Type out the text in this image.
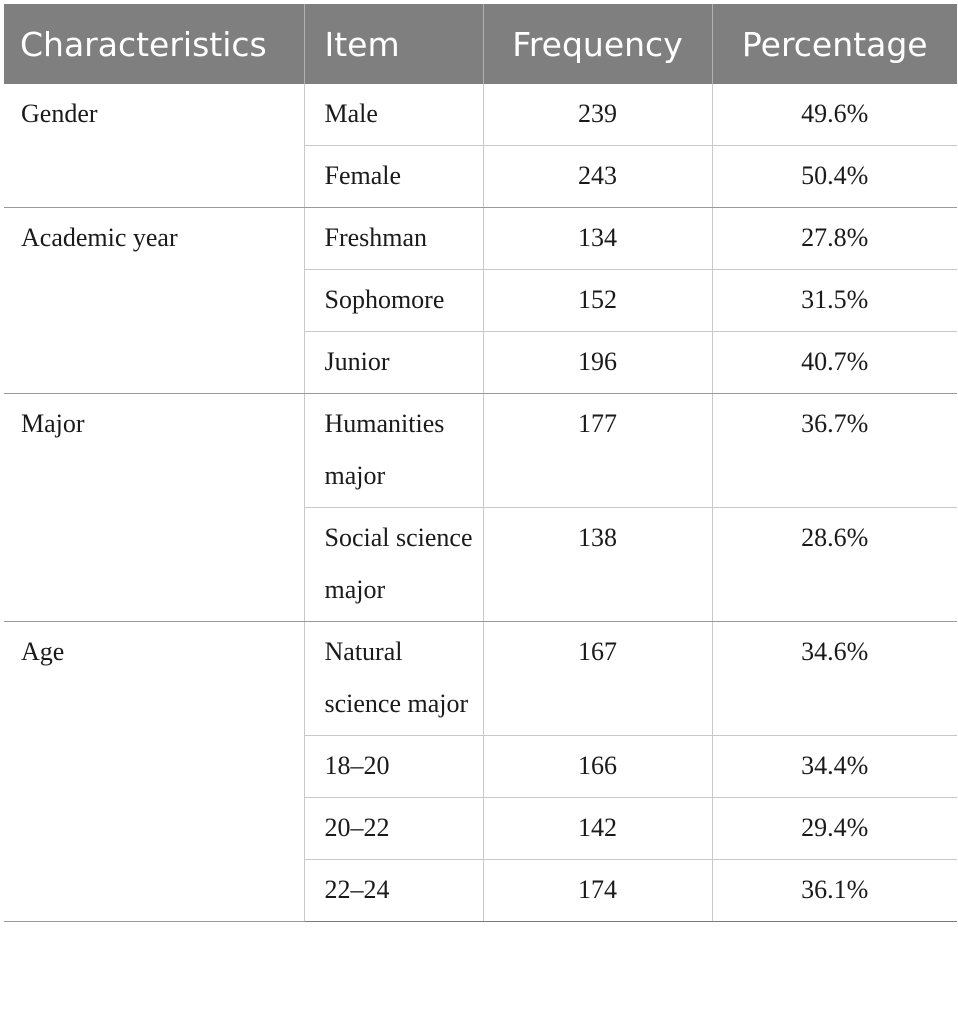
Characteristics	Item	Frequency	Percentage
Gender	Male	239	49.6%
	Female	243	50.4%
Academic year	Freshman	134	27.8%
	Sophomore	152	31.5%
	Junior	196	40.7%
Major	Humanities major	177	36.7%
	Social science major	138	28.6%
Age	Natural science major	167	34.6%
	18–20	166	34.4%
	20–22	142	29.4%
	22–24	174	36.1%
